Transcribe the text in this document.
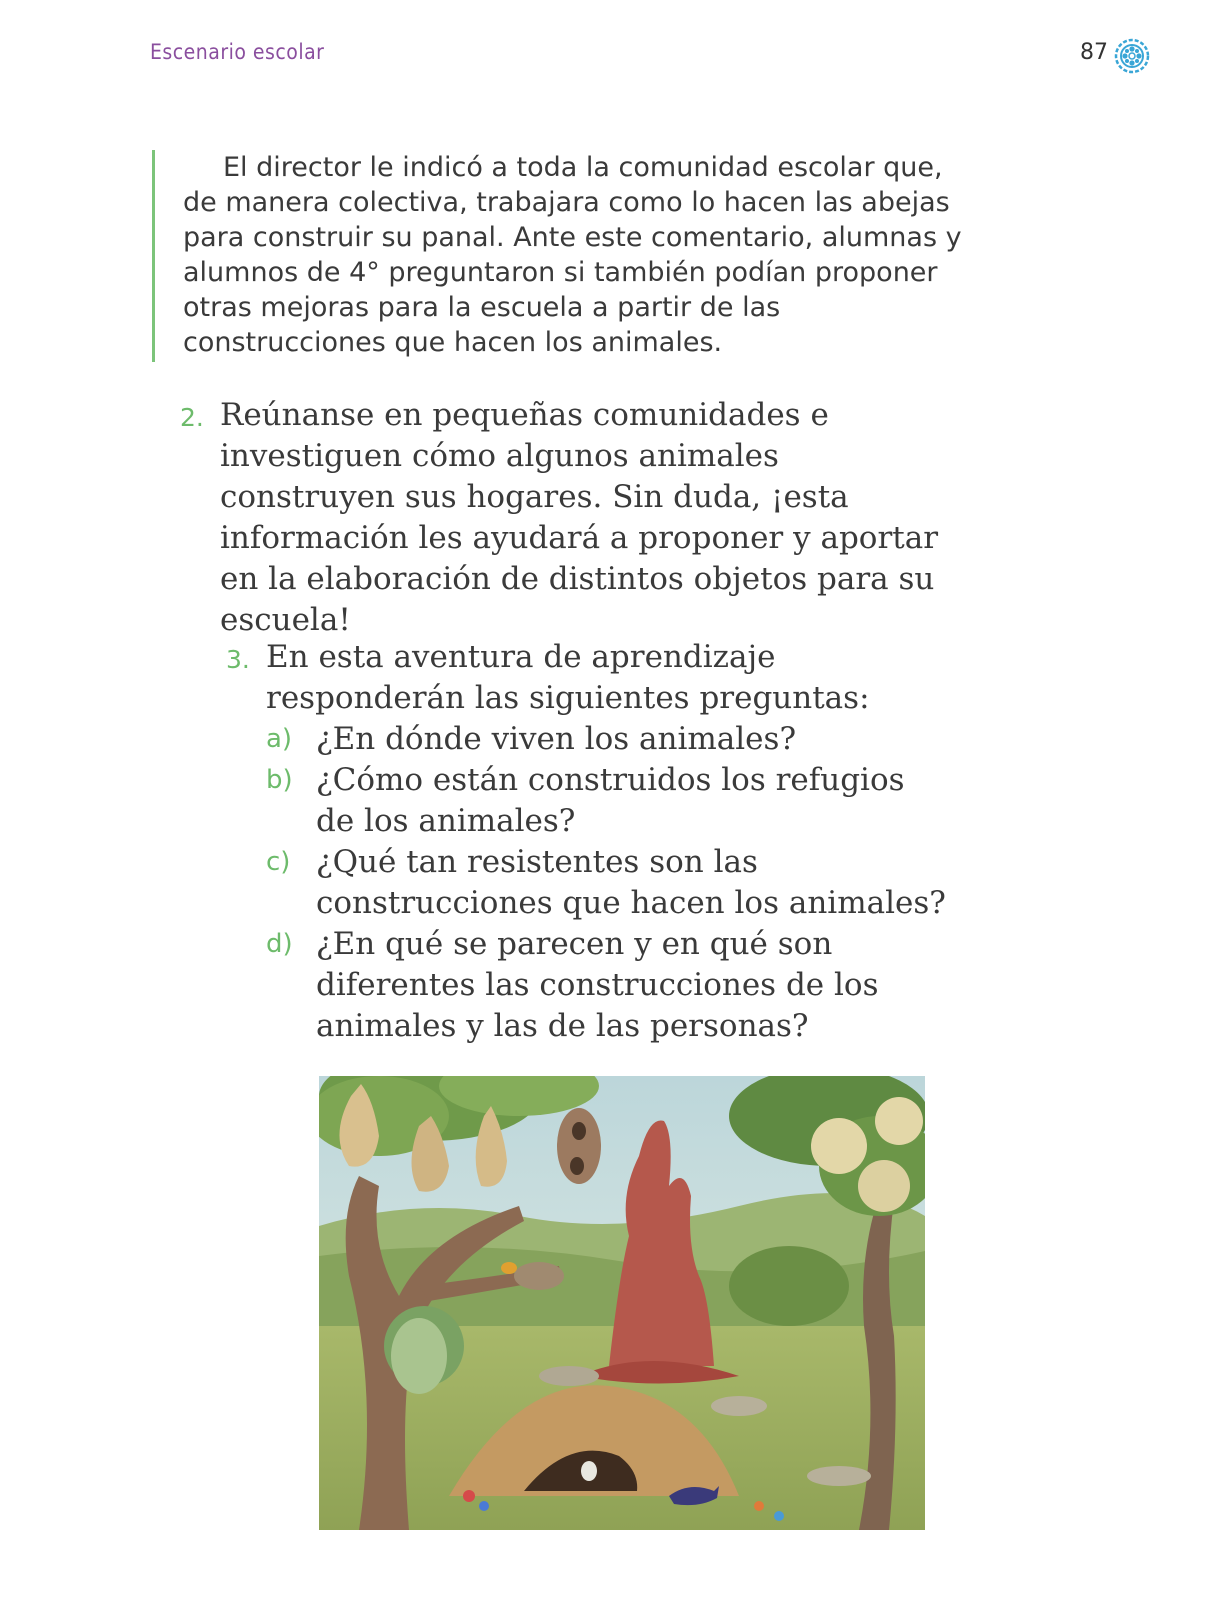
Escenario escolar	87

El director le indicó a toda la comunidad escolar que, de manera colectiva, trabajara como lo hacen las abejas para construir su panal. Ante este comentario, alumnas y alumnos de 4° preguntaron si también podían proponer otras mejoras para la escuela a partir de las construcciones que hacen los animales.

2. Reúnanse en pequeñas comunidades e investiguen cómo algunos animales construyen sus hogares. Sin duda, ¡esta información les ayudará a proponer y aportar en la elaboración de distintos objetos para su escuela!
3. En esta aventura de aprendizaje responderán las siguientes preguntas:
a) ¿En dónde viven los animales?
b) ¿Cómo están construidos los refugios de los animales?
c) ¿Qué tan resistentes son las construcciones que hacen los animales?
d) ¿En qué se parecen y en qué son diferentes las construcciones de los animales y las de las personas?
